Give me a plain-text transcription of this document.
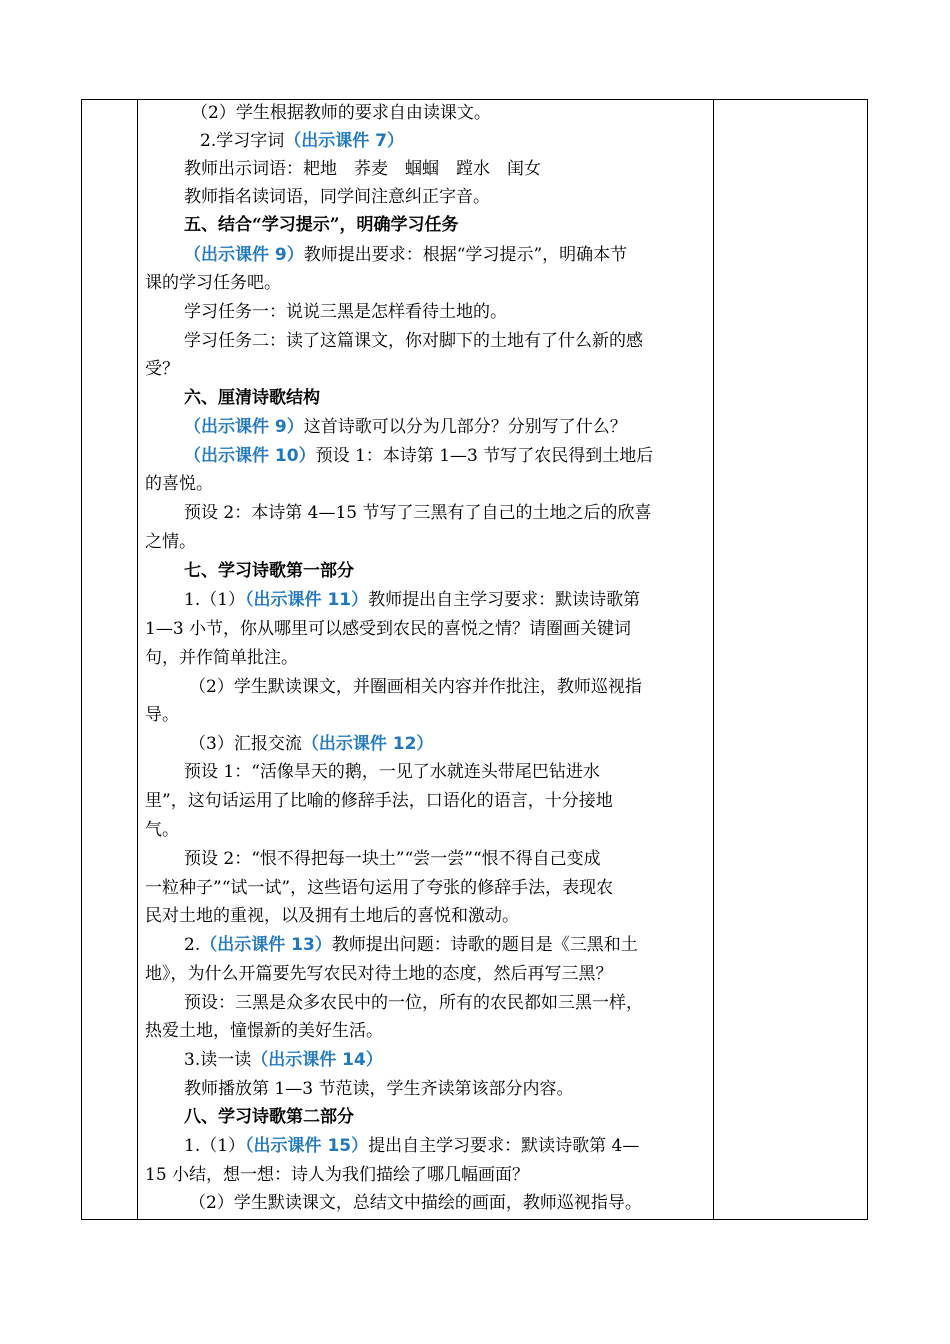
（2）学生根据教师的要求自由读课文。
2.学习字词（出示课件 7）
教师出示词语：耙地　荞麦　蝈蝈　蹚水　闺女
教师指名读词语，同学间注意纠正字音。
五、结合“学习提示”，明确学习任务
（出示课件 9）教师提出要求：根据“学习提示”，明确本节
课的学习任务吧。
学习任务一：说说三黑是怎样看待土地的。
学习任务二：读了这篇课文，你对脚下的土地有了什么新的感
受？
六、厘清诗歌结构
（出示课件 9）这首诗歌可以分为几部分？分别写了什么？
（出示课件 10）预设 1：本诗第 1—3 节写了农民得到土地后
的喜悦。
预设 2：本诗第 4—15 节写了三黑有了自己的土地之后的欣喜
之情。
七、学习诗歌第一部分
1.（1）（出示课件 11）教师提出自主学习要求：默读诗歌第
1—3 小节，你从哪里可以感受到农民的喜悦之情？请圈画关键词
句，并作简单批注。
（2）学生默读课文，并圈画相关内容并作批注，教师巡视指
导。
（3）汇报交流（出示课件 12）
预设 1：“活像旱天的鹅，一见了水就连头带尾巴钻进水
里”，这句话运用了比喻的修辞手法，口语化的语言，十分接地
气。
预设 2：“恨不得把每一块土”“尝一尝”“恨不得自己变成
一粒种子”“试一试”，这些语句运用了夸张的修辞手法，表现农
民对土地的重视，以及拥有土地后的喜悦和激动。
2.（出示课件 13）教师提出问题：诗歌的题目是《三黑和土
地》，为什么开篇要先写农民对待土地的态度，然后再写三黑？
预设：三黑是众多农民中的一位，所有的农民都如三黑一样，
热爱土地，憧憬新的美好生活。
3.读一读（出示课件 14）
教师播放第 1—3 节范读，学生齐读第该部分内容。
八、学习诗歌第二部分
1.（1）（出示课件 15）提出自主学习要求：默读诗歌第 4—
15 小结，想一想：诗人为我们描绘了哪几幅画面？
（2）学生默读课文，总结文中描绘的画面，教师巡视指导。
